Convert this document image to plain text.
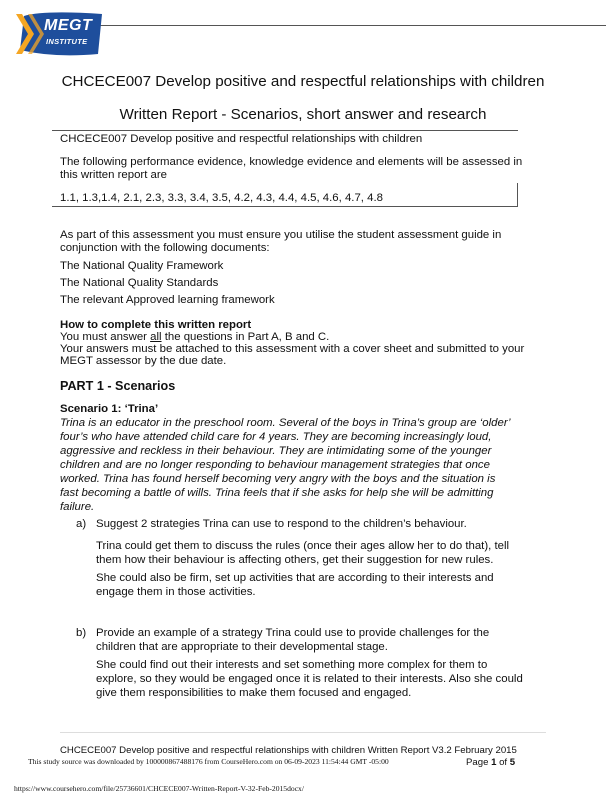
MEGT
INSTITUTE
CHCECE007 Develop positive and respectful relationships with children
Written Report - Scenarios, short answer and research
CHCECE007 Develop positive and respectful relationships with children
The following performance evidence, knowledge evidence and elements will be assessed in
this written report are
1.1, 1.3,1.4, 2.1, 2.3, 3.3, 3.4, 3.5, 4.2, 4.3, 4.4, 4.5, 4.6, 4.7, 4.8
As part of this assessment you must ensure you utilise the student assessment guide in
conjunction with the following documents:
The National Quality Framework
The National Quality Standards
The relevant Approved learning framework
How to complete this written report
You must answer all the questions in Part A, B and C.
Your answers must be attached to this assessment with a cover sheet and submitted to your
MEGT assessor by the due date.
PART 1 - Scenarios
Scenario 1: ‘Trina’
Trina is an educator in the preschool room. Several of the boys in Trina’s group are ‘older’
four’s who have attended child care for 4 years. They are becoming increasingly loud,
aggressive and reckless in their behaviour. They are intimidating some of the younger
children and are no longer responding to behaviour management strategies that once
worked. Trina has found herself becoming very angry with the boys and the situation is
fast becoming a battle of wills. Trina feels that if she asks for help she will be admitting
failure.
a) Suggest 2 strategies Trina can use to respond to the children’s behaviour.
Trina could get them to discuss the rules (once their ages allow her to do that), tell
them how their behaviour is affecting others, get their suggestion for new rules.
She could also be firm, set up activities that are according to their interests and
engage them in those activities.
b) Provide an example of a strategy Trina could use to provide challenges for the
children that are appropriate to their developmental stage.
She could find out their interests and set something more complex for them to
explore, so they would be engaged once it is related to their interests. Also she could
give them responsibilities to make them focused and engaged.
CHCECE007 Develop positive and respectful relationships with children Written Report V3.2 February 2015
This study source was downloaded by 100000867488176 from CourseHero.com on 06-09-2023 11:54:44 GMT -05:00	Page 1 of 5
https://www.coursehero.com/file/25736601/CHCECE007-Written-Report-V-32-Feb-2015docx/
